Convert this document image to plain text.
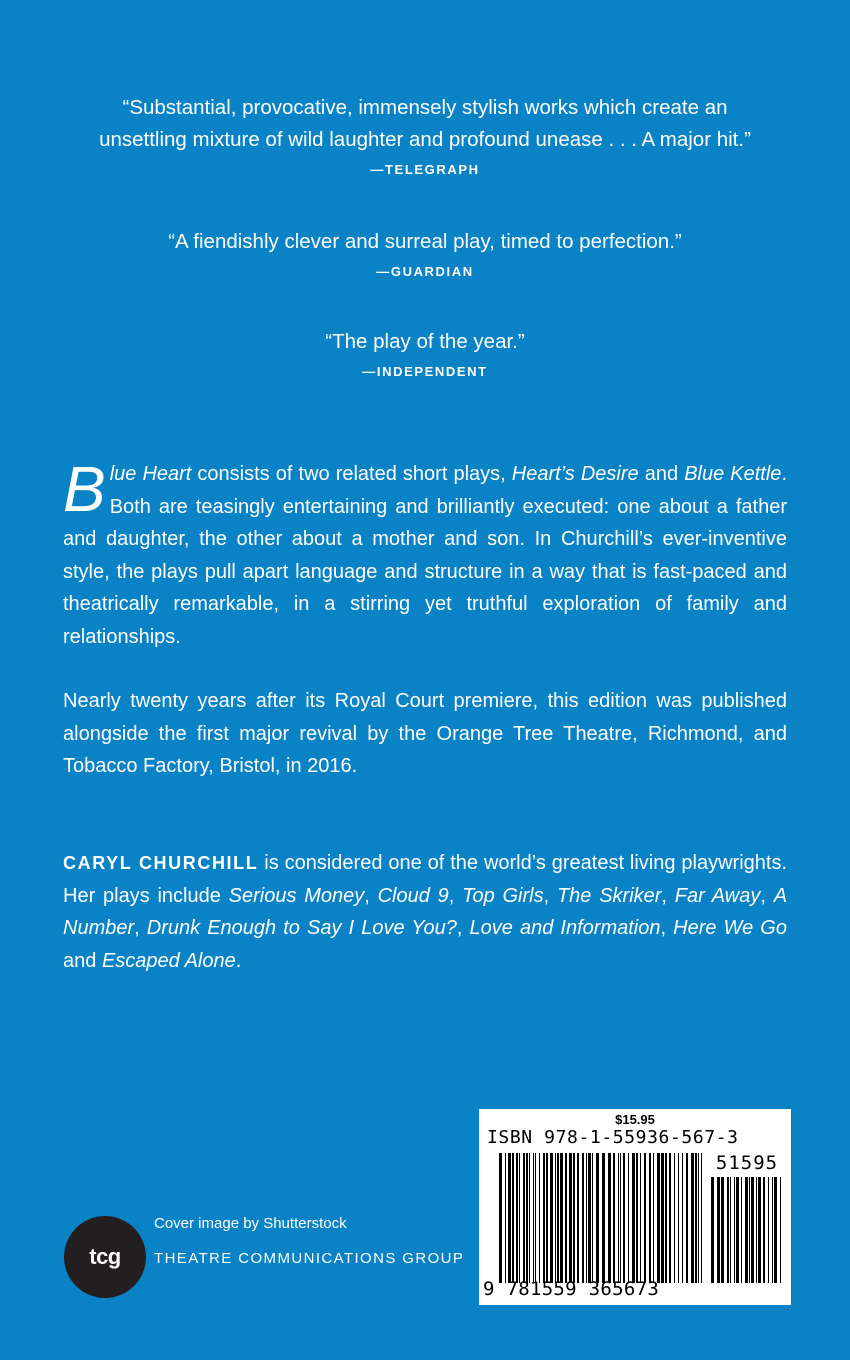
“Substantial, provocative, immensely stylish works which create an
unsettling mixture of wild laughter and profound unease . . . A major hit.”

—TELEGRAPH

“A fiendishly clever and surreal play, timed to perfection.”

—GUARDIAN

“The play of the year.”

—INDEPENDENT

Blue Heart consists of two related short plays, Heart’s Desire and Blue Kettle. Both are teasingly entertaining and brilliantly executed: one about a father and daughter, the other about a mother and son. In Churchill’s ever-inventive style, the plays pull apart language and structure in a way that is fast-paced and theatrically remarkable, in a stirring yet truthful exploration of family and relationships.

Nearly twenty years after its Royal Court premiere, this edition was published alongside the first major revival by the Orange Tree Theatre, Richmond, and Tobacco Factory, Bristol, in 2016.

CARYL CHURCHILL is considered one of the world’s greatest living playwrights. Her plays include Serious Money, Cloud 9, Top Girls, The Skriker, Far Away, A Number, Drunk Enough to Say I Love You?, Love and Information, Here We Go and Escaped Alone.

$15.95
ISBN 978-1-55936-567-3
51595
9 781559 365673
tcg
Cover image by Shutterstock
THEATRE COMMUNICATIONS GROUP
